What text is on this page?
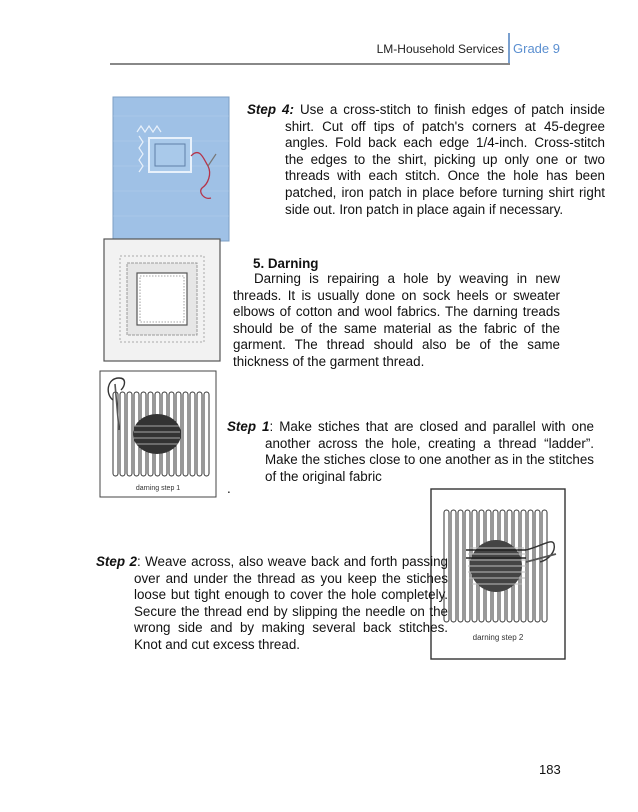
LM-Household Services Grade 9
Step 4: Use a cross-stitch to finish edges of patch inside shirt. Cut off tips of patch's corners at 45-degree angles. Fold back each edge 1/4-inch. Cross-stitch the edges to the shirt, picking up only one or two threads with each stitch. Once the hole has been patched, iron patch in place before turning shirt right side out. Iron patch in place again if necessary.
5. Darning
Darning is repairing a hole by weaving in new threads. It is usually done on sock heels or sweater elbows of cotton and wool fabrics. The darning treads should be of the same material as the fabric of the garment. The thread should also be of the same thickness of the garment thread.
darning step 1
Step 1: Make stiches that are closed and parallel with one another across the hole, creating a thread “ladder”. Make the stiches close to one another as in the stitches of the original fabric
.
darning step 2
Step 2: Weave across, also weave back and forth passing over and under the thread as you keep the stiches loose but tight enough to cover the hole completely. Secure the thread end by slipping the needle on the wrong side and by making several back stitches. Knot and cut excess thread.
183
